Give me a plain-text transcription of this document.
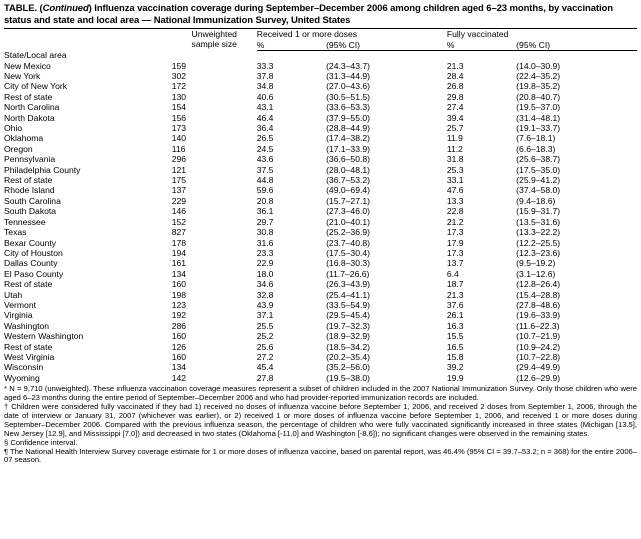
TABLE. (Continued) Influenza vaccination coverage during September–December 2006 among children aged 6–23 months, by vaccination status and state and local area — National Immunization Survey, United States
	Unweighted
sample size	Received 1 or more doses		Fully vaccinated	
		%	(95% CI)	%	(95% CI)
State/Local area					
New Mexico	159	33.3	(24.3–43.7)	21.3	(14.0–30.9)
New York	302	37.8	(31.3–44.9)	28.4	(22.4–35.2)
City of New York	172	34.8	(27.0–43.6)	26.8	(19.8–35.2)
Rest of state	130	40.6	(30.5–51.5)	29.8	(20.8–40.7)
North Carolina	154	43.1	(33.6–53.3)	27.4	(19.5–37.0)
North Dakota	156	46.4	(37.9–55.0)	39.4	(31.4–48.1)
Ohio	173	36.4	(28.8–44.9)	25.7	(19.1–33.7)
Oklahoma	140	26.5	(17.4–38.2)	11.9	(7.6–18.1)
Oregon	116	24.5	(17.1–33.9)	11.2	(6.6–18.3)
Pennsylvania	296	43.6	(36.6–50.8)	31.8	(25.6–38.7)
Philadelphia County	121	37.5	(28.0–48.1)	25.3	(17.5–35.0)
Rest of state	175	44.8	(36.7–53.2)	33.1	(25.9–41.2)
Rhode Island	137	59.6	(49.0–69.4)	47.6	(37.4–58.0)
South Carolina	229	20.8	(15.7–27.1)	13.3	(9.4–18.6)
South Dakota	146	36.1	(27.3–46.0)	22.8	(15.9–31.7)
Tennessee	152	29.7	(21.0–40.1)	21.2	(13.5–31.6)
Texas	827	30.8	(25.2–36.9)	17.3	(13.3–22.2)
Bexar County	178	31.6	(23.7–40.8)	17.9	(12.2–25.5)
City of Houston	194	23.3	(17.5–30.4)	17.3	(12.3–23.6)
Dallas County	161	22.9	(16.8–30.3)	13.7	(9.5–19.2)
El Paso County	134	18.0	(11.7–26.6)	6.4	(3.1–12.6)
Rest of state	160	34.6	(26.3–43.9)	18.7	(12.8–26.4)
Utah	198	32.8	(25.4–41.1)	21.3	(15.4–28.8)
Vermont	123	43.9	(33.5–54.9)	37.6	(27.8–48.6)
Virginia	192	37.1	(29.5–45.4)	26.1	(19.6–33.9)
Washington	286	25.5	(19.7–32.3)	16.3	(11.6–22.3)
Western Washington	160	25.2	(18.9–32.9)	15.5	(10.7–21.9)
Rest of state	126	25.6	(18.5–34.2)	16.5	(10.9–24.2)
West Virginia	160	27.2	(20.2–35.4)	15.8	(10.7–22.8)
Wisconsin	134	45.4	(35.2–56.0)	39.2	(29.4–49.9)
Wyoming	142	27.8	(19.5–38.0)	19.9	(12.6–29.9)

* N = 9,710 (unweighted). These influenza vaccination coverage measures represent a subset of children included in the 2007 National Immunization Survey. Only those children who were aged 6–23 months during the entire period of September–December 2006 and who had provider-reported immunization records are included.

† Children were considered fully vaccinated if they had 1) received no doses of influenza vaccine before September 1, 2006, and received 2 doses from September 1, 2006, through the date of interview or January 31, 2007 (whichever was earlier), or 2) received 1 or more doses of influenza vaccine before September 1, 2006, and received 1 or more doses during September–December 2006. Compared with the previous influenza season, the percentage of children who were fully vaccinated significantly increased in three states (Michigan [13.5], New Jersey [12.9], and Mississippi [7.0]) and decreased in two states (Oklahoma [-11.0] and Washington [-8.6]); no significant changes were observed in the remaining states.

§ Confidence interval.

¶ The National Health Interview Survey coverage estimate for 1 or more doses of influenza vaccine, based on parental report, was 46.4% (95% CI = 39.7–53.2; n = 368) for the entire 2006–07 season.
